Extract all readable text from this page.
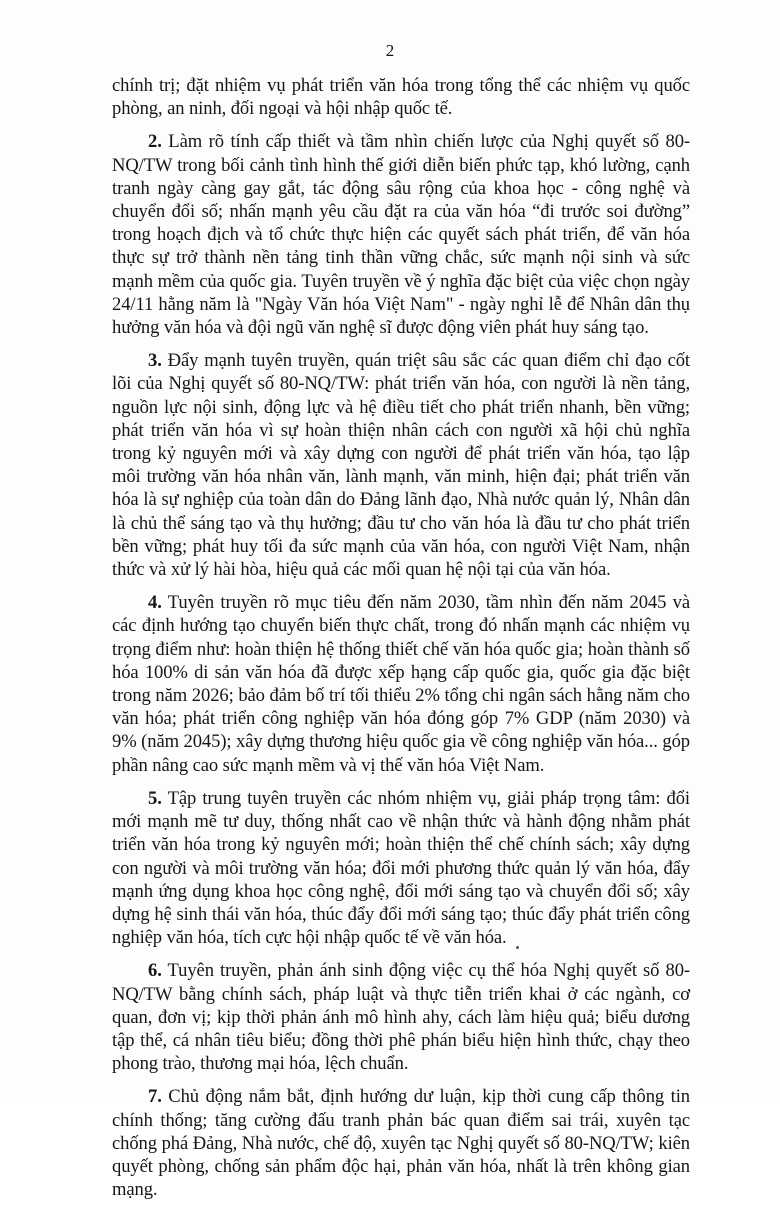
2

chính trị; đặt nhiệm vụ phát triển văn hóa trong tổng thể các nhiệm vụ quốc phòng, an ninh, đối ngoại và hội nhập quốc tế.

2. Làm rõ tính cấp thiết và tầm nhìn chiến lược của Nghị quyết số 80-NQ/TW trong bối cảnh tình hình thế giới diễn biến phức tạp, khó lường, cạnh tranh ngày càng gay gắt, tác động sâu rộng của khoa học - công nghệ và chuyển đổi số; nhấn mạnh yêu cầu đặt ra của văn hóa “đi trước soi đường” trong hoạch địch và tổ chức thực hiện các quyết sách phát triển, để văn hóa thực sự trở thành nền tảng tinh thần vững chắc, sức mạnh nội sinh và sức mạnh mềm của quốc gia. Tuyên truyền về ý nghĩa đặc biệt của việc chọn ngày 24/11 hằng năm là "Ngày Văn hóa Việt Nam" - ngày nghỉ lễ để Nhân dân thụ hưởng văn hóa và đội ngũ văn nghệ sĩ được động viên phát huy sáng tạo.

3. Đẩy mạnh tuyên truyền, quán triệt sâu sắc các quan điểm chỉ đạo cốt lõi của Nghị quyết số 80-NQ/TW: phát triển văn hóa, con người là nền tảng, nguồn lực nội sinh, động lực và hệ điều tiết cho phát triển nhanh, bền vững; phát triển văn hóa vì sự hoàn thiện nhân cách con người xã hội chủ nghĩa trong kỷ nguyên mới và xây dựng con người để phát triển văn hóa, tạo lập môi trường văn hóa nhân văn, lành mạnh, văn minh, hiện đại; phát triển văn hóa là sự nghiệp của toàn dân do Đảng lãnh đạo, Nhà nước quản lý, Nhân dân là chủ thể sáng tạo và thụ hưởng; đầu tư cho văn hóa là đầu tư cho phát triển bền vững; phát huy tối đa sức mạnh của văn hóa, con người Việt Nam, nhận thức và xử lý hài hòa, hiệu quả các mối quan hệ nội tại của văn hóa.

4. Tuyên truyền rõ mục tiêu đến năm 2030, tầm nhìn đến năm 2045 và các định hướng tạo chuyển biến thực chất, trong đó nhấn mạnh các nhiệm vụ trọng điểm như: hoàn thiện hệ thống thiết chế văn hóa quốc gia; hoàn thành số hóa 100% di sản văn hóa đã được xếp hạng cấp quốc gia, quốc gia đặc biệt trong năm 2026; bảo đảm bố trí tối thiểu 2% tổng chi ngân sách hằng năm cho văn hóa; phát triển công nghiệp văn hóa đóng góp 7% GDP (năm 2030) và 9% (năm 2045); xây dựng thương hiệu quốc gia về công nghiệp văn hóa... góp phần nâng cao sức mạnh mềm và vị thế văn hóa Việt Nam.

5. Tập trung tuyên truyền các nhóm nhiệm vụ, giải pháp trọng tâm: đổi mới mạnh mẽ tư duy, thống nhất cao về nhận thức và hành động nhằm phát triển văn hóa trong kỷ nguyên mới; hoàn thiện thể chế chính sách; xây dựng con người và môi trường văn hóa; đổi mới phương thức quản lý văn hóa, đẩy mạnh ứng dụng khoa học công nghệ, đổi mới sáng tạo và chuyển đổi số; xây dựng hệ sinh thái văn hóa, thúc đẩy đổi mới sáng tạo; thúc đẩy phát triển công nghiệp văn hóa, tích cực hội nhập quốc tế về văn hóa.

6. Tuyên truyền, phản ánh sinh động việc cụ thể hóa Nghị quyết số 80-NQ/TW bằng chính sách, pháp luật và thực tiễn triển khai ở các ngành, cơ quan, đơn vị; kịp thời phản ánh mô hình ahy, cách làm hiệu quả; biểu dương tập thể, cá nhân tiêu biểu; đồng thời phê phán biểu hiện hình thức, chạy theo phong trào, thương mại hóa, lệch chuẩn.

7. Chủ động nắm bắt, định hướng dư luận, kịp thời cung cấp thông tin chính thống; tăng cường đấu tranh phản bác quan điểm sai trái, xuyên tạc chống phá Đảng, Nhà nước, chế độ, xuyên tạc Nghị quyết số 80-NQ/TW; kiên quyết phòng, chống sản phẩm độc hại, phản văn hóa, nhất là trên không gian mạng.
